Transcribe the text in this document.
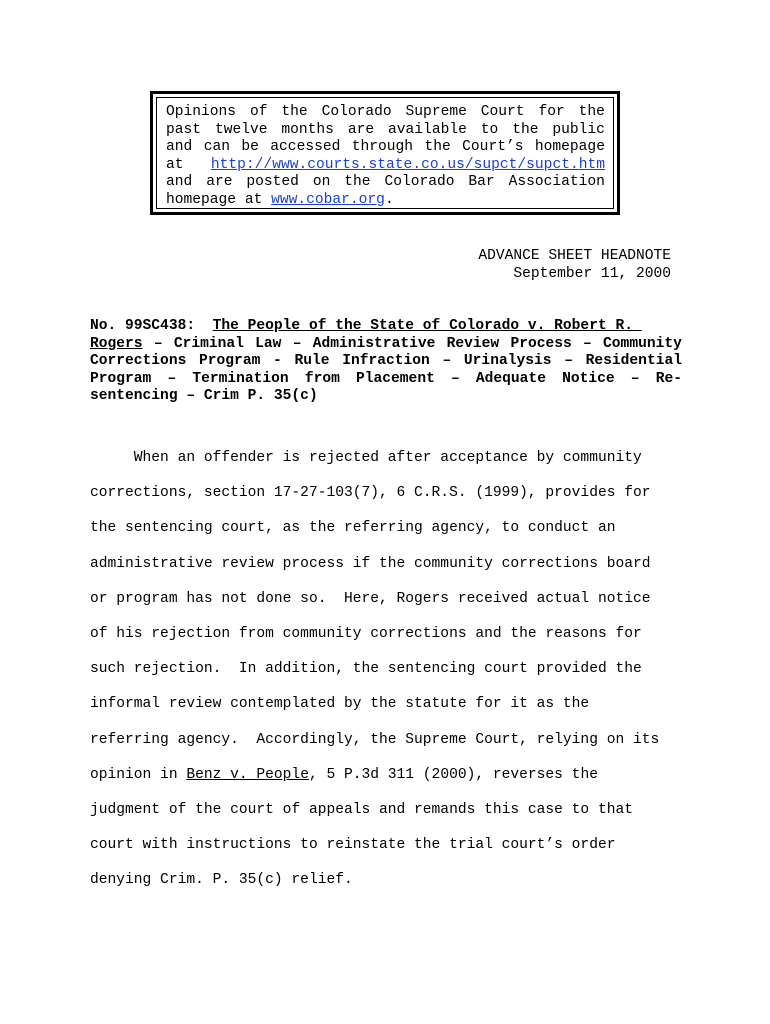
Opinions of the Colorado Supreme Court for the
past twelve months are available to the public
and can be accessed through the Court’s homepage
at http://www.courts.state.co.us/supct/supct.htm
and are posted on the Colorado Bar Association
homepage at www.cobar.org .
ADVANCE SHEET HEADNOTE
September 11, 2000
No. 99SC438:
The People of the State of Colorado v. Robert R.

Rogers – Criminal Law – Administrative Review Process – Community
Corrections Program - Rule Infraction – Urinalysis – Residential
Program – Termination from Placement – Adequate Notice – Re-
sentencing – Crim P. 35(c)
When an offender is rejected after acceptance by community
corrections, section 17-27-103(7), 6 C.R.S. (1999), provides for
the sentencing court, as the referring agency, to conduct an
administrative review process if the community corrections board
or program has not done so.  Here, Rogers received actual notice
of his rejection from community corrections and the reasons for
such rejection.  In addition, the sentencing court provided the
informal review contemplated by the statute for it as the
referring agency.  Accordingly, the Supreme Court, relying on its
opinion in Benz v. People, 5 P.3d 311 (2000), reverses the
judgment of the court of appeals and remands this case to that
court with instructions to reinstate the trial court’s order
denying Crim. P. 35(c) relief.
